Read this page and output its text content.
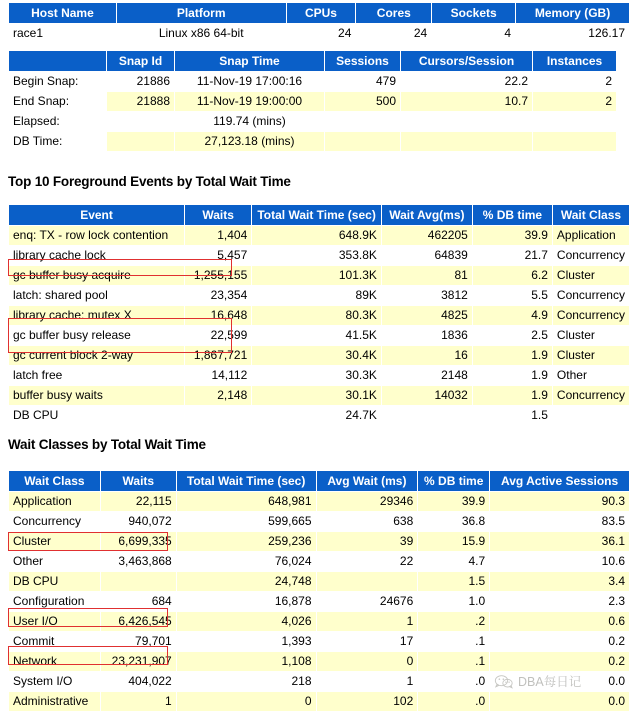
Host Name	Platform	CPUs	Cores	Sockets	Memory (GB)
race1	Linux x86 64-bit	24	24	4	126.17
	Snap Id	Snap Time	Sessions	Cursors/Session	Instances
Begin Snap:	21886	11-Nov-19 17:00:16	479	22.2	2
End Snap:	21888	11-Nov-19 19:00:00	500	10.7	2
Elapsed:		119.74 (mins)			
DB Time:		27,123.18 (mins)			
Top 10 Foreground Events by Total Wait Time
Event	Waits	Total Wait Time (sec)	Wait Avg(ms)	% DB time	Wait Class
enq: TX - row lock contention	1,404	648.9K	462205	39.9	Application
library cache lock	5,457	353.8K	64839	21.7	Concurrency
gc buffer busy acquire	1,255,155	101.3K	81	6.2	Cluster
latch: shared pool	23,354	89K	3812	5.5	Concurrency
library cache: mutex X	16,648	80.3K	4825	4.9	Concurrency
gc buffer busy release	22,599	41.5K	1836	2.5	Cluster
gc current block 2-way	1,867,721	30.4K	16	1.9	Cluster
latch free	14,112	30.3K	2148	1.9	Other
buffer busy waits	2,148	30.1K	14032	1.9	Concurrency
DB CPU		24.7K		1.5	
Wait Classes by Total Wait Time
Wait Class	Waits	Total Wait Time (sec)	Avg Wait (ms)	% DB time	Avg Active Sessions
Application	22,115	648,981	29346	39.9	90.3
Concurrency	940,072	599,665	638	36.8	83.5
Cluster	6,699,335	259,236	39	15.9	36.1
Other	3,463,868	76,024	22	4.7	10.6
DB CPU		24,748		1.5	3.4
Configuration	684	16,878	24676	1.0	2.3
User I/O	6,426,545	4,026	1	.2	0.6
Commit	79,701	1,393	17	.1	0.2
Network	23,231,907	1,108	0	.1	0.2
System I/O	404,022	218	1	.0	0.0
Administrative	1	0	102	.0	0.0
DBA每日记
